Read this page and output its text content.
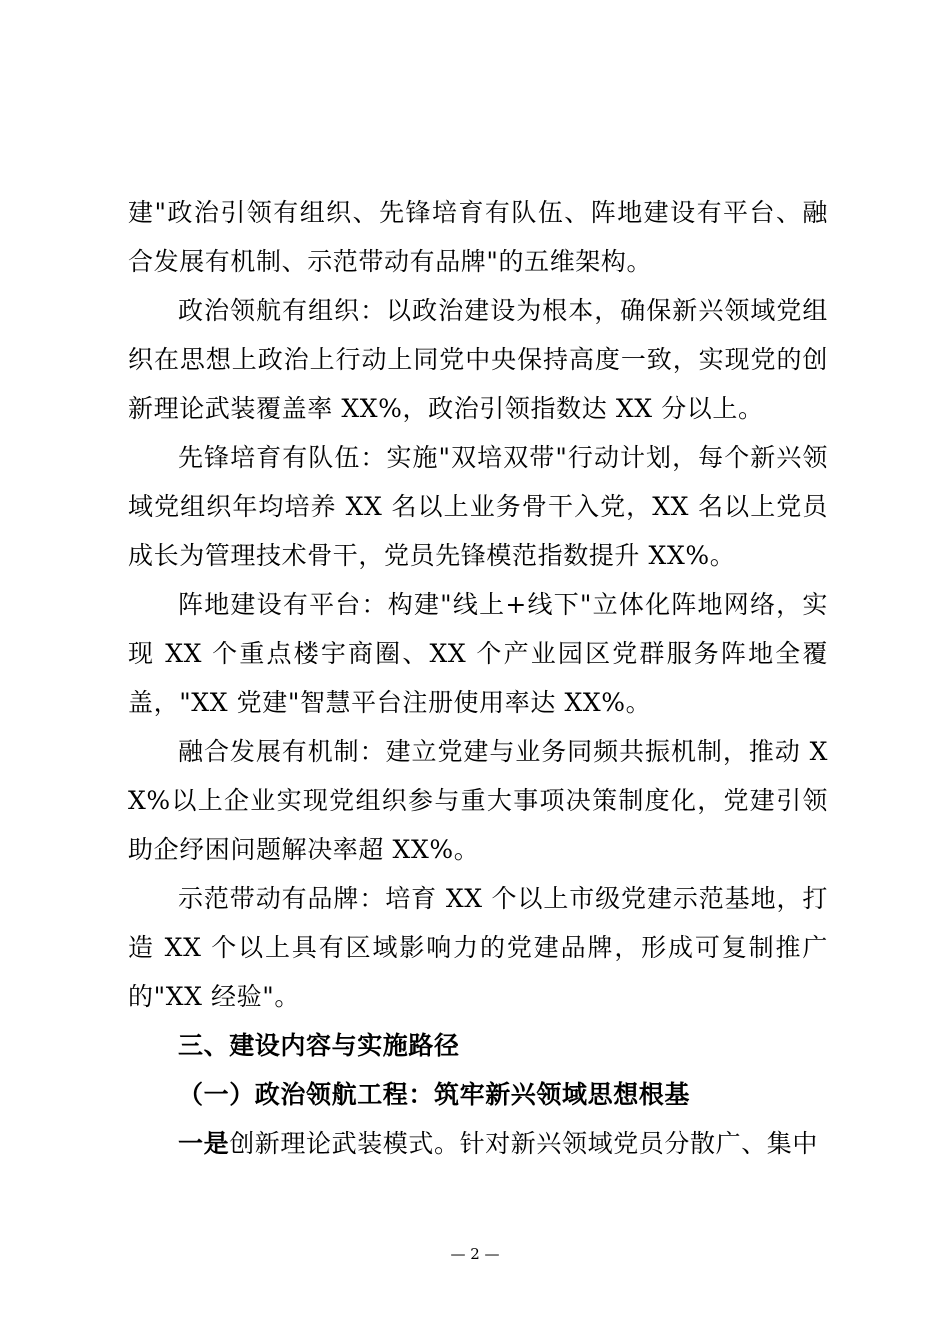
建"政治引领有组织、先锋培育有队伍、阵地建设有平台、融合发展有机制、示范带动有品牌"的五维架构。

政治领航有组织：以政治建设为根本，确保新兴领域党组织在思想上政治上行动上同党中央保持高度一致，实现党的创新理论武装覆盖率 XX%，政治引领指数达 XX 分以上。

先锋培育有队伍：实施"双培双带"行动计划，每个新兴领域党组织年均培养 XX 名以上业务骨干入党，XX 名以上党员成长为管理技术骨干，党员先锋模范指数提升 XX%。

阵地建设有平台：构建"线上+线下"立体化阵地网络，实现 XX 个重点楼宇商圈、XX 个产业园区党群服务阵地全覆盖，"XX 党建"智慧平台注册使用率达 XX%。

融合发展有机制：建立党建与业务同频共振机制，推动 XX%以上企业实现党组织参与重大事项决策制度化，党建引领助企纾困问题解决率超 XX%。

示范带动有品牌：培育 XX 个以上市级党建示范基地，打造 XX 个以上具有区域影响力的党建品牌，形成可复制推广的"XX 经验"。

三、建设内容与实施路径

（一）政治领航工程：筑牢新兴领域思想根基

一是创新理论武装模式。针对新兴领域党员分散广、集中

— 2 —
